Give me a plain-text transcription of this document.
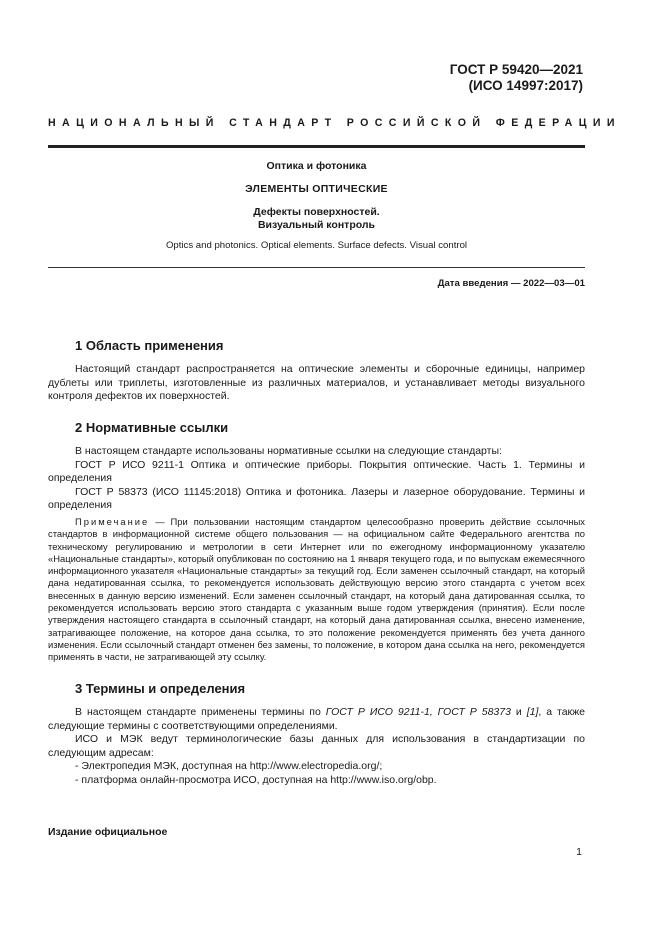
ГОСТ Р 59420—2021
(ИСО 14997:2017)
НАЦИОНАЛЬНЫЙ СТАНДАРТ РОССИЙСКОЙ ФЕДЕРАЦИИ
Оптика и фотоника
ЭЛЕМЕНТЫ ОПТИЧЕСКИЕ
Дефекты поверхностей.
Визуальный контроль
Optics and photonics. Optical elements. Surface defects. Visual control
Дата введения — 2022—03—01
1 Область применения

Настоящий стандарт распространяется на оптические элементы и сборочные единицы, например дублеты или триплеты, изготовленные из различных материалов, и устанавливает методы визуального контроля дефектов их поверхностей.

2 Нормативные ссылки

В настоящем стандарте использованы нормативные ссылки на следующие стандарты:

ГОСТ Р ИСО 9211-1 Оптика и оптические приборы. Покрытия оптические. Часть 1. Термины и определения

ГОСТ Р 58373 (ИСО 11145:2018) Оптика и фотоника. Лазеры и лазерное оборудование. Термины и определения

Примечание — При пользовании настоящим стандартом целесообразно проверить действие ссылочных стандартов в информационной системе общего пользования — на официальном сайте Федерального агентства по техническому регулированию и метрологии в сети Интернет или по ежегодному информационному указателю «Национальные стандарты», который опубликован по состоянию на 1 января текущего года, и по выпускам ежемесячного информационного указателя «Национальные стандарты» за текущий год. Если заменен ссылочный стандарт, на который дана недатированная ссылка, то рекомендуется использовать действующую версию этого стандарта с учетом всех внесенных в данную версию изменений. Если заменен ссылочный стандарт, на который дана датированная ссылка, то рекомендуется использовать версию этого стандарта с указанным выше годом утверждения (принятия). Если после утверждения настоящего стандарта в ссылочный стандарт, на который дана датированная ссылка, внесено изменение, затрагивающее положение, на которое дана ссылка, то это положение рекомендуется применять без учета данного изменения. Если ссылочный стандарт отменен без замены, то положение, в котором дана ссылка на него, рекомендуется применять в части, не затрагивающей эту ссылку.

3 Термины и определения

В настоящем стандарте применены термины по ГОСТ Р ИСО 9211-1, ГОСТ Р 58373 и [1], а также следующие термины с соответствующими определениями.

ИСО и МЭК ведут терминологические базы данных для использования в стандартизации по следующим адресам:

- Электропедия МЭК, доступная на http://www.electropedia.org/;

- платформа онлайн-просмотра ИСО, доступная на http://www.iso.org/obp.

Издание официальное
1
